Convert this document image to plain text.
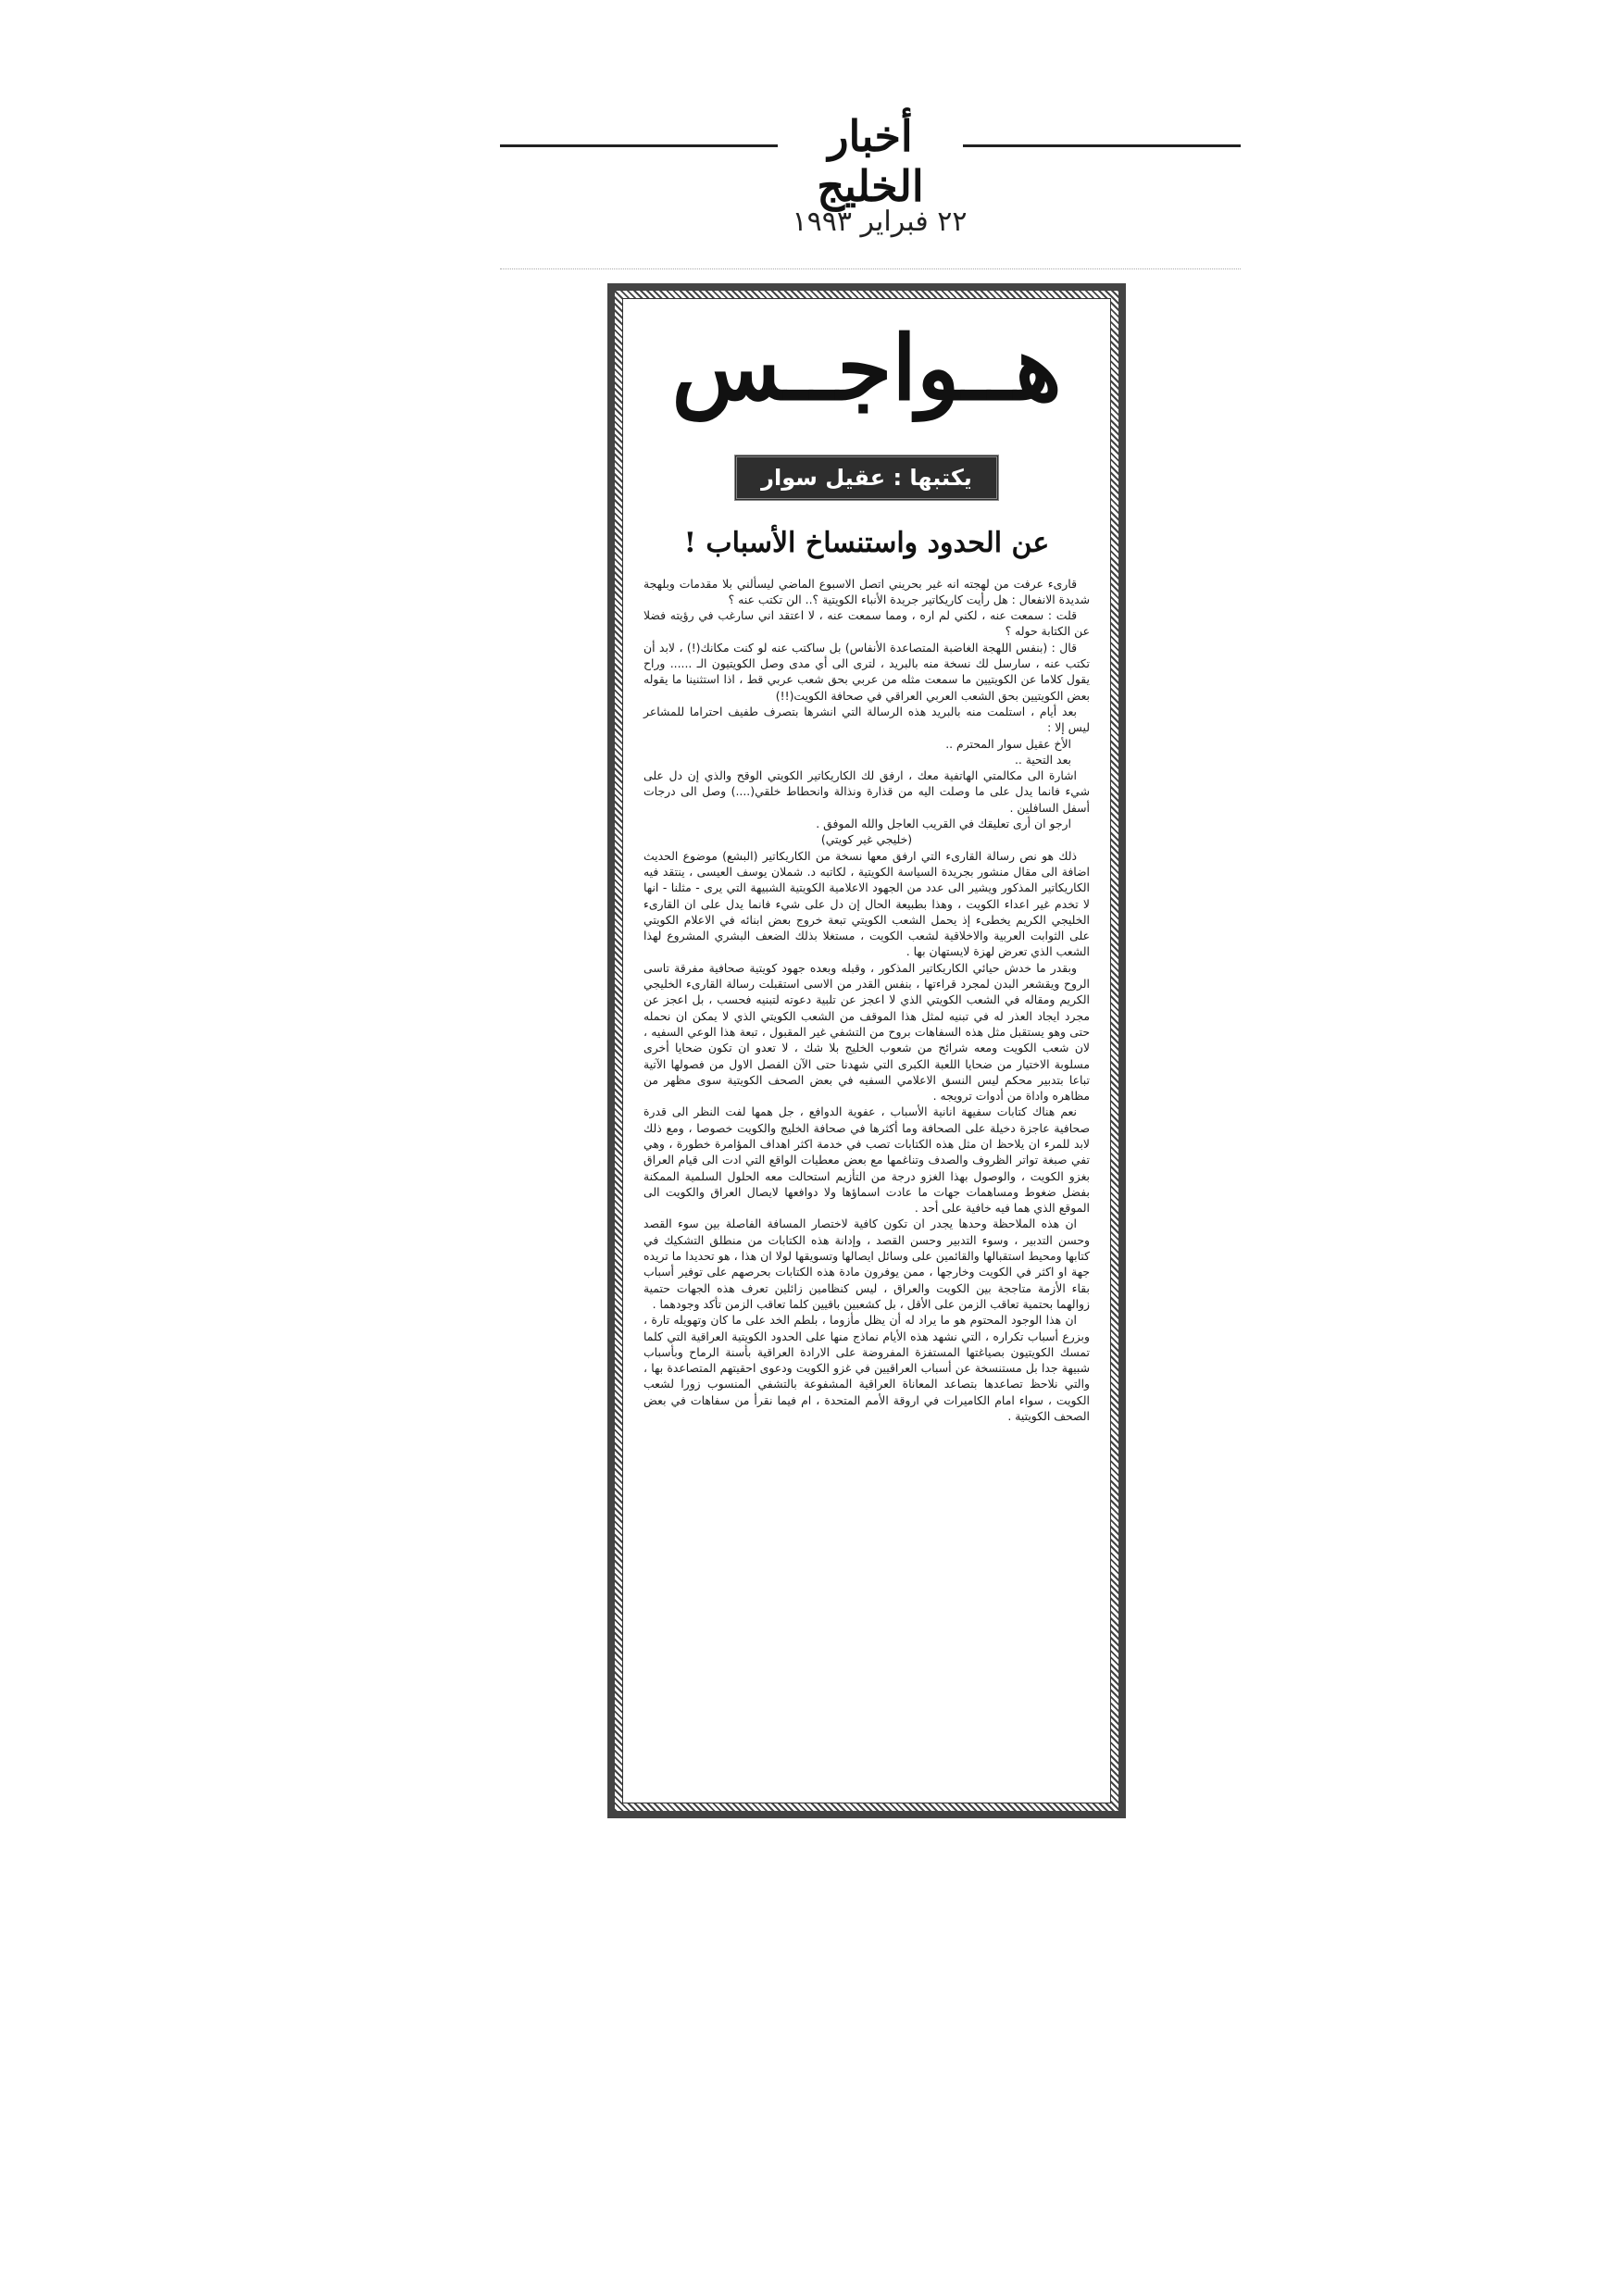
أخبار الخليج
٢٢ فبراير ١٩٩٣
هــواجــس
يكتبها : عقيل سوار
عن الحدود واستنساخ الأسباب !

قارىء عرفت من لهجته انه غير بحريني اتصل الاسبوع الماضي ليسألني بلا مقدمات وبلهجة شديدة الانفعال : هل رأيت كاريكاتير جريدة الأنباء الكويتية ؟.. الن تكتب عنه ؟

قلت : سمعت عنه ، لكني لم اره ، ومما سمعت عنه ، لا اعتقد اني سارغب في رؤيته فضلا عن الكتابة حوله ؟

قال : (بنفس اللهجة الغاضبة المتصاعدة الأنفاس) بل ساكتب عنه لو كنت مكانك(!) ، لابد أن تكتب عنه ، سارسل لك نسخة منه بالبريد ، لترى الى أي مدى وصل الكويتيون الـ ...... وراح يقول كلاما عن الكويتيين ما سمعت مثله من عربي بحق شعب عربي قط ، اذا استثنينا ما يقوله بعض الكويتيين بحق الشعب العربي العراقي في صحافة الكويت(!!)

بعد أيام ، استلمت منه بالبريد هذه الرسالة التي انشرها بتصرف طفيف احتراما للمشاعر ليس إلا :

الأخ عقيل سوار المحترم ..

بعد التحية ..

اشارة الى مكالمتي الهاتفية معك ، ارفق لك الكاريكاتير الكويتي الوقح والذي إن دل على شيء فانما يدل على ما وصلت اليه من قذارة ونذالة وانحطاط خلقي(....) وصل الى درجات أسفل السافلين .

ارجو ان أرى تعليقك في القريب العاجل والله الموفق .

(خليجي غير كويتي)

ذلك هو نص رسالة القارىء التي ارفق معها نسخة من الكاريكاتير (البشع) موضوع الحديث اضافة الى مقال منشور بجريدة السياسة الكويتية ، لكاتبه د. شملان يوسف العيسى ، ينتقد فيه الكاريكاتير المذكور ويشير الى عدد من الجهود الاعلامية الكويتية الشبيهة التي يرى - مثلنا - انها لا تخدم غير اعداء الكويت ، وهذا بطبيعة الحال إن دل على شيء فانما يدل على ان القارىء الخليجي الكريم يخطىء إذ يحمل الشعب الكويتي تبعة خروج بعض ابنائه في الاعلام الكويتي على الثوابت العربية والاخلاقية لشعب الكويت ، مستغلا بذلك الضعف البشري المشروع لهذا الشعب الذي تعرض لهزة لايستهان بها .

وبقدر ما خدش حيائي الكاريكاتير المذكور ، وقبله وبعده جهود كويتية صحافية مفرقة تاسى الروح ويقشعر البدن لمجرد قراءتها ، بنفس القدر من الاسى استقبلت رسالة القارىء الخليجي الكريم ومقاله في الشعب الكويتي الذي لا اعجز عن تلبية دعوته لتبنيه فحسب ، بل اعجز عن مجرد ايجاد العذر له في تبنيه لمثل هذا الموقف من الشعب الكويتي الذي لا يمكن ان نحمله حتى وهو يستقبل مثل هذه السفاهات بروح من التشفي غير المقبول ، تبعة هذا الوعي السفيه ، لان شعب الكويت ومعه شرائح من شعوب الخليج بلا شك ، لا تعدو ان تكون ضحايا أخرى مسلوبة الاختيار من ضحايا اللعبة الكبرى التي شهدنا حتى الآن الفصل الاول من فصولها الآتية تباعا بتدبير محكم ليس النسق الاعلامي السفيه في بعض الصحف الكويتية سوى مظهر من مظاهره واداة من أدوات ترويجه .

نعم هناك كتابات سفيهة انانية الأسباب ، عفوية الدوافع ، جل همها لفت النظر الى قدرة صحافية عاجزة دخيلة على الصحافة وما أكثرها في صحافة الخليج والكويت خصوصا ، ومع ذلك لابد للمرء ان يلاحظ ان مثل هذه الكتابات تصب في خدمة اكثر اهداف المؤامرة خطورة ، وهي تفي صبغة تواتر الظروف والصدف وتناغمها مع بعض معطيات الواقع التي ادت الى قيام العراق بغزو الكويت ، والوصول بهذا الغزو درجة من التأزيم استحالت معه الحلول السلمية الممكنة بفضل ضغوط ومساهمات جهات ما عادت اسماؤها ولا دوافعها لايصال العراق والكويت الى الموقع الذي هما فيه خافية على أحد .

ان هذه الملاحظة وحدها يجدر ان تكون كافية لاختصار المسافة الفاصلة بين سوء القصد وحسن التدبير ، وسوء التدبير وحسن القصد ، وإدانة هذه الكتابات من منطلق التشكيك في كتابها ومحيط استقبالها والقائمين على وسائل ايصالها وتسويقها لولا ان هذا ، هو تحديدا ما تريده جهة او اكثر في الكويت وخارجها ، ممن يوفرون مادة هذه الكتابات بحرصهم على توفير أسباب بقاء الأزمة متاججة بين الكويت والعراق ، ليس كنظامين زائلين تعرف هذه الجهات حتمية زوالهما بحتمية تعاقب الزمن على الأقل ، بل كشعبين باقيين كلما تعاقب الزمن تأكد وجودهما .

ان هذا الوجود المحتوم هو ما يراد له أن يظل مأزوما ، بلطم الخد على ما كان وتهويله تارة ، وبزرع أسباب تكراره ، التي نشهد هذه الأيام نماذج منها على الحدود الكويتية العراقية التي كلما تمسك الكويتيون بصياغتها المستفزة المفروضة على الارادة العراقية بأسنة الرماح وبأسباب شبيهة جدا بل مستنسخة عن أسباب العراقيين في غزو الكويت ودعوى احقيتهم المتصاعدة بها ، والتي نلاحظ تصاعدها بتصاعد المعاناة العراقية المشفوعة بالتشفي المنسوب زورا لشعب الكويت ، سواء امام الكاميرات في اروقة الأمم المتحدة ، ام فيما نقرأ من سفاهات في بعض الصحف الكويتية .
